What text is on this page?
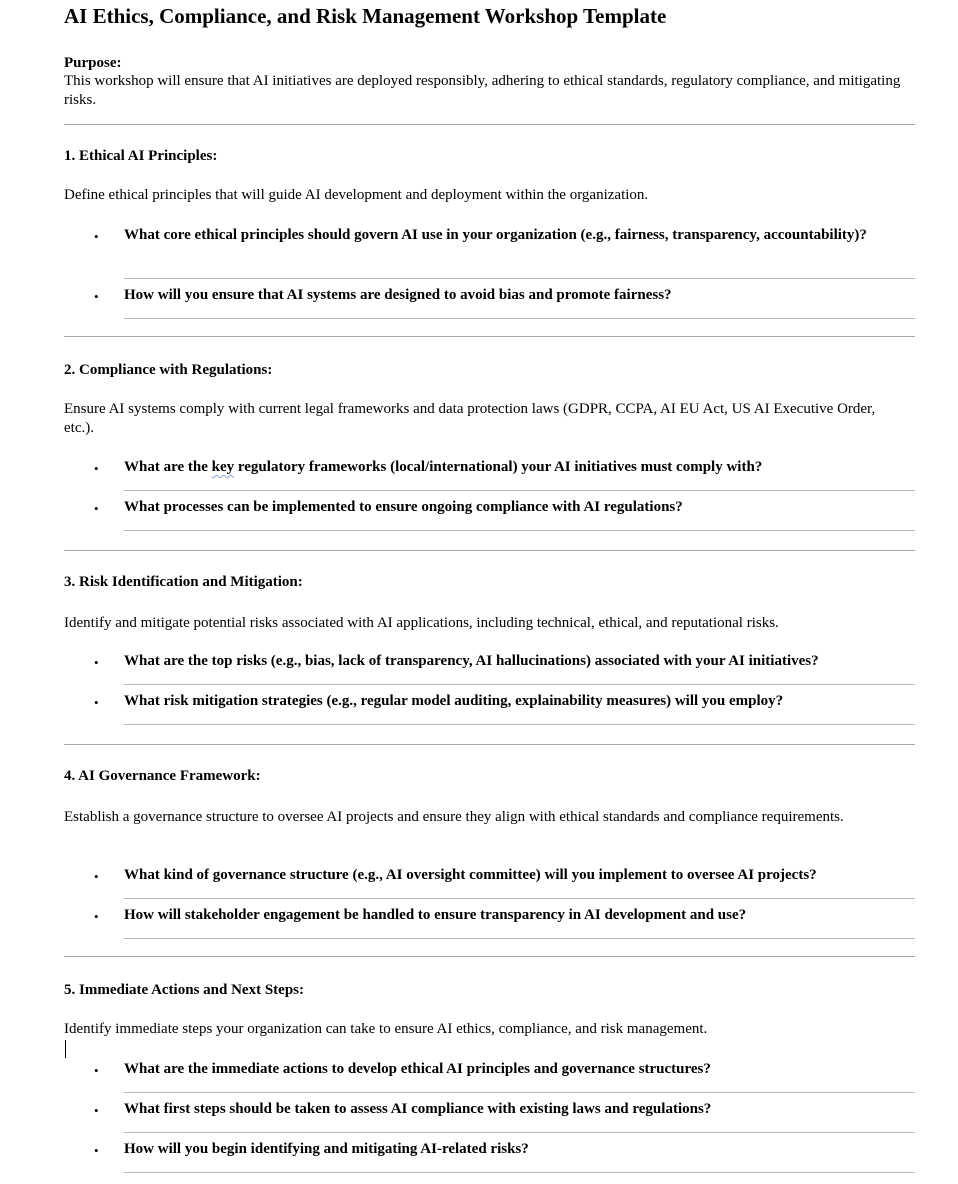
AI Ethics, Compliance, and Risk Management Workshop Template
Purpose:
This workshop will ensure that AI initiatives are deployed responsibly, adhering to ethical standards, regulatory compliance, and mitigating risks.
1. Ethical AI Principles:
Define ethical principles that will guide AI development and deployment within the organization.
• What core ethical principles should govern AI use in your organization (e.g., fairness, transparency, accountability)?
• How will you ensure that AI systems are designed to avoid bias and promote fairness?
2. Compliance with Regulations:
Ensure AI systems comply with current legal frameworks and data protection laws (GDPR, CCPA, AI EU Act, US AI Executive Order, etc.).
• What are the key regulatory frameworks (local/international) your AI initiatives must comply with?
• What processes can be implemented to ensure ongoing compliance with AI regulations?
3. Risk Identification and Mitigation:
Identify and mitigate potential risks associated with AI applications, including technical, ethical, and reputational risks.
• What are the top risks (e.g., bias, lack of transparency, AI hallucinations) associated with your AI initiatives?
• What risk mitigation strategies (e.g., regular model auditing, explainability measures) will you employ?
4. AI Governance Framework:
Establish a governance structure to oversee AI projects and ensure they align with ethical standards and compliance requirements.
• What kind of governance structure (e.g., AI oversight committee) will you implement to oversee AI projects?
• How will stakeholder engagement be handled to ensure transparency in AI development and use?
5. Immediate Actions and Next Steps:
Identify immediate steps your organization can take to ensure AI ethics, compliance, and risk management.
• What are the immediate actions to develop ethical AI principles and governance structures?
• What first steps should be taken to assess AI compliance with existing laws and regulations?
• How will you begin identifying and mitigating AI-related risks?
